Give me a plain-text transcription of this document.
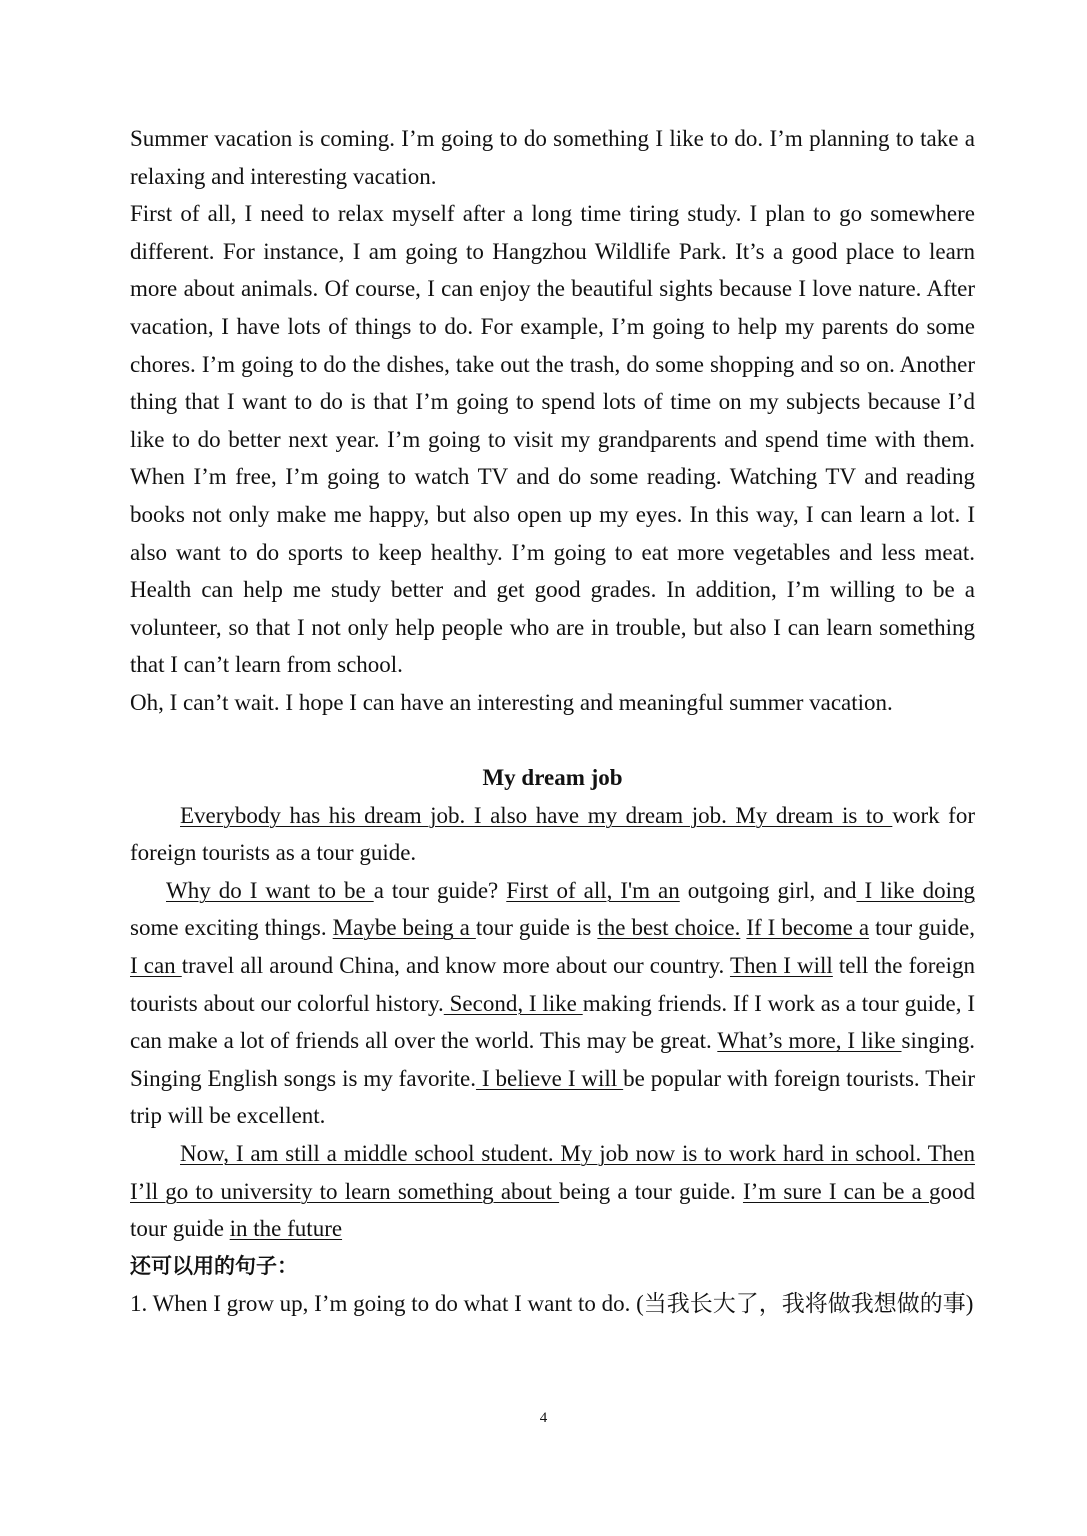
Summer vacation is coming. I’m going to do something I like to do. I’m planning to take a relaxing and interesting vacation.

First of all, I need to relax myself after a long time tiring study. I plan to go somewhere different. For instance, I am going to Hangzhou Wildlife Park. It’s a good place to learn more about animals. Of course, I can enjoy the beautiful sights because I love nature. After vacation, I have lots of things to do. For example, I’m going to help my parents do some chores. I’m going to do the dishes, take out the trash, do some shopping and so on. Another thing that I want to do is that I’m going to spend lots of time on my subjects because I’d like to do better next year. I’m going to visit my grandparents and spend time with them. When I’m free, I’m going to watch TV and do some reading. Watching TV and reading books not only make me happy, but also open up my eyes. In this way, I can learn a lot. I also want to do sports to keep healthy. I’m going to eat more vegetables and less meat. Health can help me study better and get good grades. In addition, I’m willing to be a volunteer, so that I not only help people who are in trouble, but also I can learn something that I can’t learn from school.

Oh, I can’t wait. I hope I can have an interesting and meaningful summer vacation.

My dream job

Everybody has his dream job. I also have my dream job. My dream is to work for foreign tourists as a tour guide.

Why do I want to be a tour guide? First of all, I'm an outgoing girl, and I like doing some exciting things. Maybe being a tour guide is the best choice. If I become a tour guide, I can travel all around China, and know more about our country. Then I will tell the foreign tourists about our colorful history. Second, I like making friends. If I work as a tour guide, I can make a lot of friends all over the world. This may be great. What’s more, I like singing. Singing English songs is my favorite. I believe I will be popular with foreign tourists. Their trip will be excellent.

Now, I am still a middle school student. My job now is to work hard in school. Then I’ll go to university to learn something about being a tour guide. I’m sure I can be a good tour guide in the future

还可以用的句子：

1. When I grow up, I’m going to do what I want to do. (当我长大了，我将做我想做的事)

4
